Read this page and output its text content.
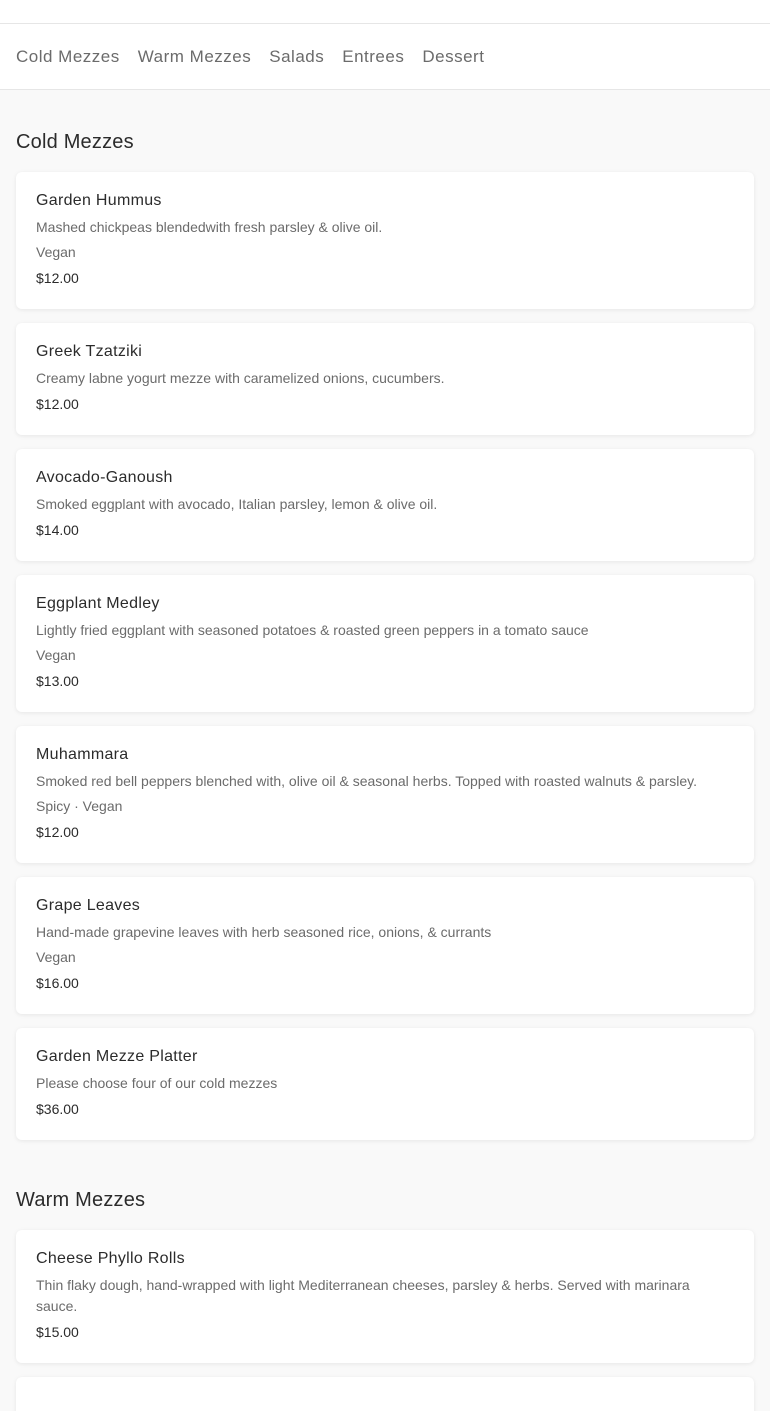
Cold Mezzes Warm Mezzes Salads Entrees Dessert
Cold Mezzes
Garden Hummus
Mashed chickpeas blendedwith fresh parsley & olive oil.
Vegan
$12.00
Greek Tzatziki
Creamy labne yogurt mezze with caramelized onions, cucumbers.
$12.00
Avocado-Ganoush
Smoked eggplant with avocado, Italian parsley, lemon & olive oil.
$14.00
Eggplant Medley
Lightly fried eggplant with seasoned potatoes & roasted green peppers in a tomato sauce
Vegan
$13.00
Muhammara
Smoked red bell peppers blenched with, olive oil & seasonal herbs. Topped with roasted walnuts & parsley.
Spicy · Vegan
$12.00
Grape Leaves
Hand-made grapevine leaves with herb seasoned rice, onions, & currants
Vegan
$16.00
Garden Mezze Platter
Please choose four of our cold mezzes
$36.00
Warm Mezzes
Cheese Phyllo Rolls
Thin flaky dough, hand-wrapped with light Mediterranean cheeses, parsley & herbs. Served with marinara sauce.
$15.00
